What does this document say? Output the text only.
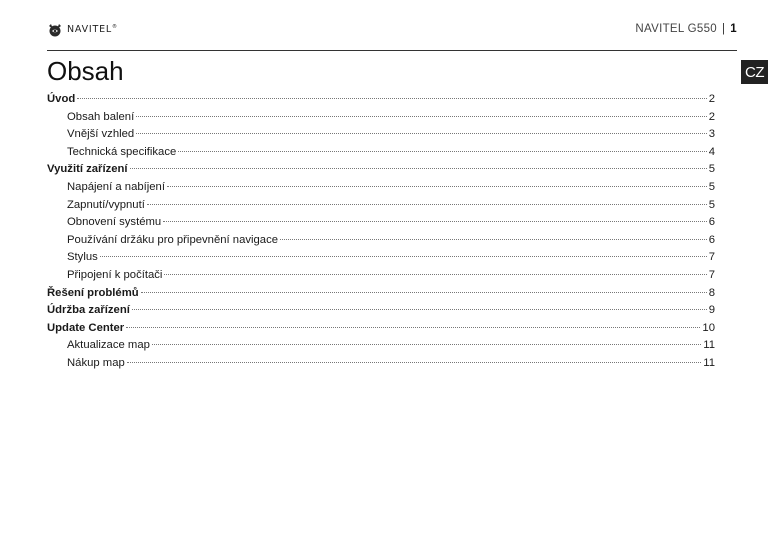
NAVITEL®	NAVITEL G550 | 1
CZ
Obsah
Úvod	2
Obsah balení	2
Vnější vzhled	3
Technická specifikace	4
Využití zařízení	5
Napájení a nabíjení	5
Zapnutí/vypnutí	5
Obnovení systému	6
Používání držáku pro připevnění navigace	6
Stylus	7
Připojení k počítači	7
Řešení problémů	8
Údržba zařízení	9
Update Center	10
Aktualizace map	11
Nákup map	11
